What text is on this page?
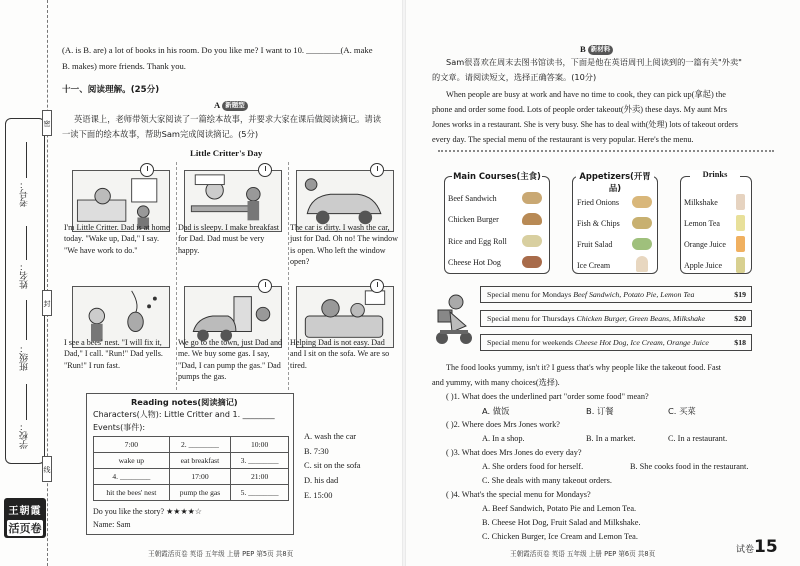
考号：
姓名：
班级：
学校：
密
封
线
王朝霞
活页卷
(A. is B. are) a lot of books in his room. Do you like me? I want to 10. ________(A. make
B. makes) more friends. Thank you.
十一、阅读理解。(25分)
A 新题型
英语课上，老师带领大家阅读了一篇绘本故事，并要求大家在课后做阅读摘记。请读
一读下面的绘本故事，帮助Sam完成阅读摘记。(5分)
Little Critter's Day
I'm Little Critter. Dad is at home today. "Wake up, Dad," I say. "We have work to do."
Dad is sleepy. I make breakfast for Dad. Dad must be very happy.
The car is dirty. I wash the car, just for Dad. Oh no! The window is open. Who left the window open?
I see a bees' nest. "I will fix it, Dad," I call. "Run!" Dad yells. "Run!" I run fast.
We go to the town, just Dad and me. We buy some gas. I say, "Dad, I can pump the gas." Dad pumps the gas.
Helping Dad is not easy. Dad and I sit on the sofa. We are so tired.
Reading notes(阅读摘记)
Characters(人物): Little Critter and 1. ________
Events(事件):
7:00	2. ________	10:00
wake up	eat breakfast	3. ________
4. ________	17:00	21:00
hit the bees' nest	pump the gas	5. ________
Do you like the story? ★★★★☆
Name: Sam
A. wash the car
B. 7:30
C. sit on the sofa
D. his dad
E. 15:00
王朝霞活页卷 英语 五年级 上册 PEP 第5页 共8页
B 新材料
Sam很喜欢在周末去图书馆读书，下面是他在英语周刊上阅读到的一篇有关"外卖"
的文章。请阅读短文，选择正确答案。(10分)
When people are busy at work and have no time to cook, they can pick up(拿起) the
phone and order some food. Lots of people order takeout(外卖) these days. My aunt Mrs
Jones works in a restaurant. She is very busy. She has to deal with(处理) lots of takeout orders
every day. The special menu of the restaurant is very popular. Here's the menu.
Main Courses(主食)
Beef Sandwich
Chicken Burger
Rice and Egg Roll
Cheese Hot Dog
Appetizers(开胃品)
Fried Onions
Fish & Chips
Fruit Salad
Ice Cream
Drinks
Milkshake
Lemon Tea
Orange Juice
Apple Juice
Special menu for Mondays Beef Sandwich, Potato Pie, Lemon Tea	$19
Special menu for Thursdays Chicken Burger, Green Beans, Milkshake	$20
Special menu for weekends Cheese Hot Dog, Ice Cream, Orange Juice	$18
The food looks yummy, isn't it? I guess that's why people like the takeout food. Fast
and yummy, with many choices(选择).
( )1. What does the underlined part "order some food" mean?
A. 做饭	B. 订餐	C. 买菜
( )2. Where does Mrs Jones work?
A. In a shop.	B. In a market.	C. In a restaurant.
( )3. What does Mrs Jones do every day?
A. She orders food for herself.	B. She cooks food in the restaurant.
C. She deals with many takeout orders.
( )4. What's the special menu for Mondays?
A. Beef Sandwich, Potato Pie and Lemon Tea.
B. Cheese Hot Dog, Fruit Salad and Milkshake.
C. Chicken Burger, Ice Cream and Lemon Tea.
王朝霞活页卷 英语 五年级 上册 PEP 第6页 共8页	试卷15
